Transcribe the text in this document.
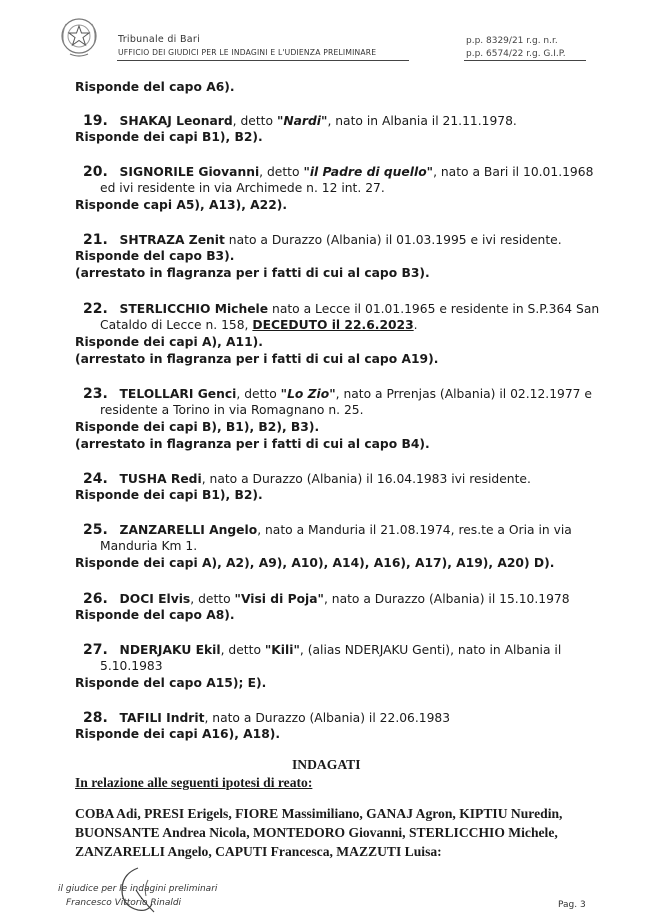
Tribunale di Bari
UFFICIO DEI GIUDICI PER LE INDAGINI E L'UDIENZA PRELIMINARE
p.p. 8329/21 r.g. n.r.
p.p. 6574/22 r.g. G.I.P.
Risponde del capo A6).
19. SHAKAJ Leonard, detto "Nardi", nato in Albania il 21.11.1978.
Risponde dei capi B1), B2).
20. SIGNORILE Giovanni, detto "il Padre di quello", nato a Bari il 10.01.1968
ed ivi residente in via Archimede n. 12 int. 27.
Risponde capi A5), A13), A22).
21. SHTRAZA Zenit nato a Durazzo (Albania) il 01.03.1995 e ivi residente.
Risponde del capo B3).
(arrestato in flagranza per i fatti di cui al capo B3).
22. STERLICCHIO Michele nato a Lecce il 01.01.1965 e residente in S.P.364 San
Cataldo di Lecce n. 158, DECEDUTO il 22.6.2023.
Risponde dei capi A), A11).
(arrestato in flagranza per i fatti di cui al capo A19).
23. TELOLLARI Genci, detto "Lo Zio", nato a Prrenjas (Albania) il 02.12.1977 e
residente a Torino in via Romagnano n. 25.
Risponde dei capi B), B1), B2), B3).
(arrestato in flagranza per i fatti di cui al capo B4).
24. TUSHA Redi, nato a Durazzo (Albania) il 16.04.1983 ivi residente.
Risponde dei capi B1), B2).
25. ZANZARELLI Angelo, nato a Manduria il 21.08.1974, res.te a Oria in via
Manduria Km 1.
Risponde dei capi A), A2), A9), A10), A14), A16), A17), A19), A20) D).
26. DOCI Elvis, detto "Visi di Poja", nato a Durazzo (Albania) il 15.10.1978
Risponde del capo A8).
27. NDERJAKU Ekil, detto "Kili", (alias NDERJAKU Genti), nato in Albania il
5.10.1983
Risponde del capo A15); E).
28. TAFILI Indrit, nato a Durazzo (Albania) il 22.06.1983
Risponde dei capi A16), A18).
INDAGATI
In relazione alle seguenti ipotesi di reato:
COBA Adi, PRESI Erigels, FIORE Massimiliano, GANAJ Agron, KIPTIU Nuredin,
BUONSANTE Andrea Nicola, MONTEDORO Giovanni, STERLICCHIO Michele,
ZANZARELLI Angelo, CAPUTI Francesca, MAZZUTI Luisa:
il giudice per le indagini preliminari
Francesco Vittorio Rinaldi	Pag. 3
